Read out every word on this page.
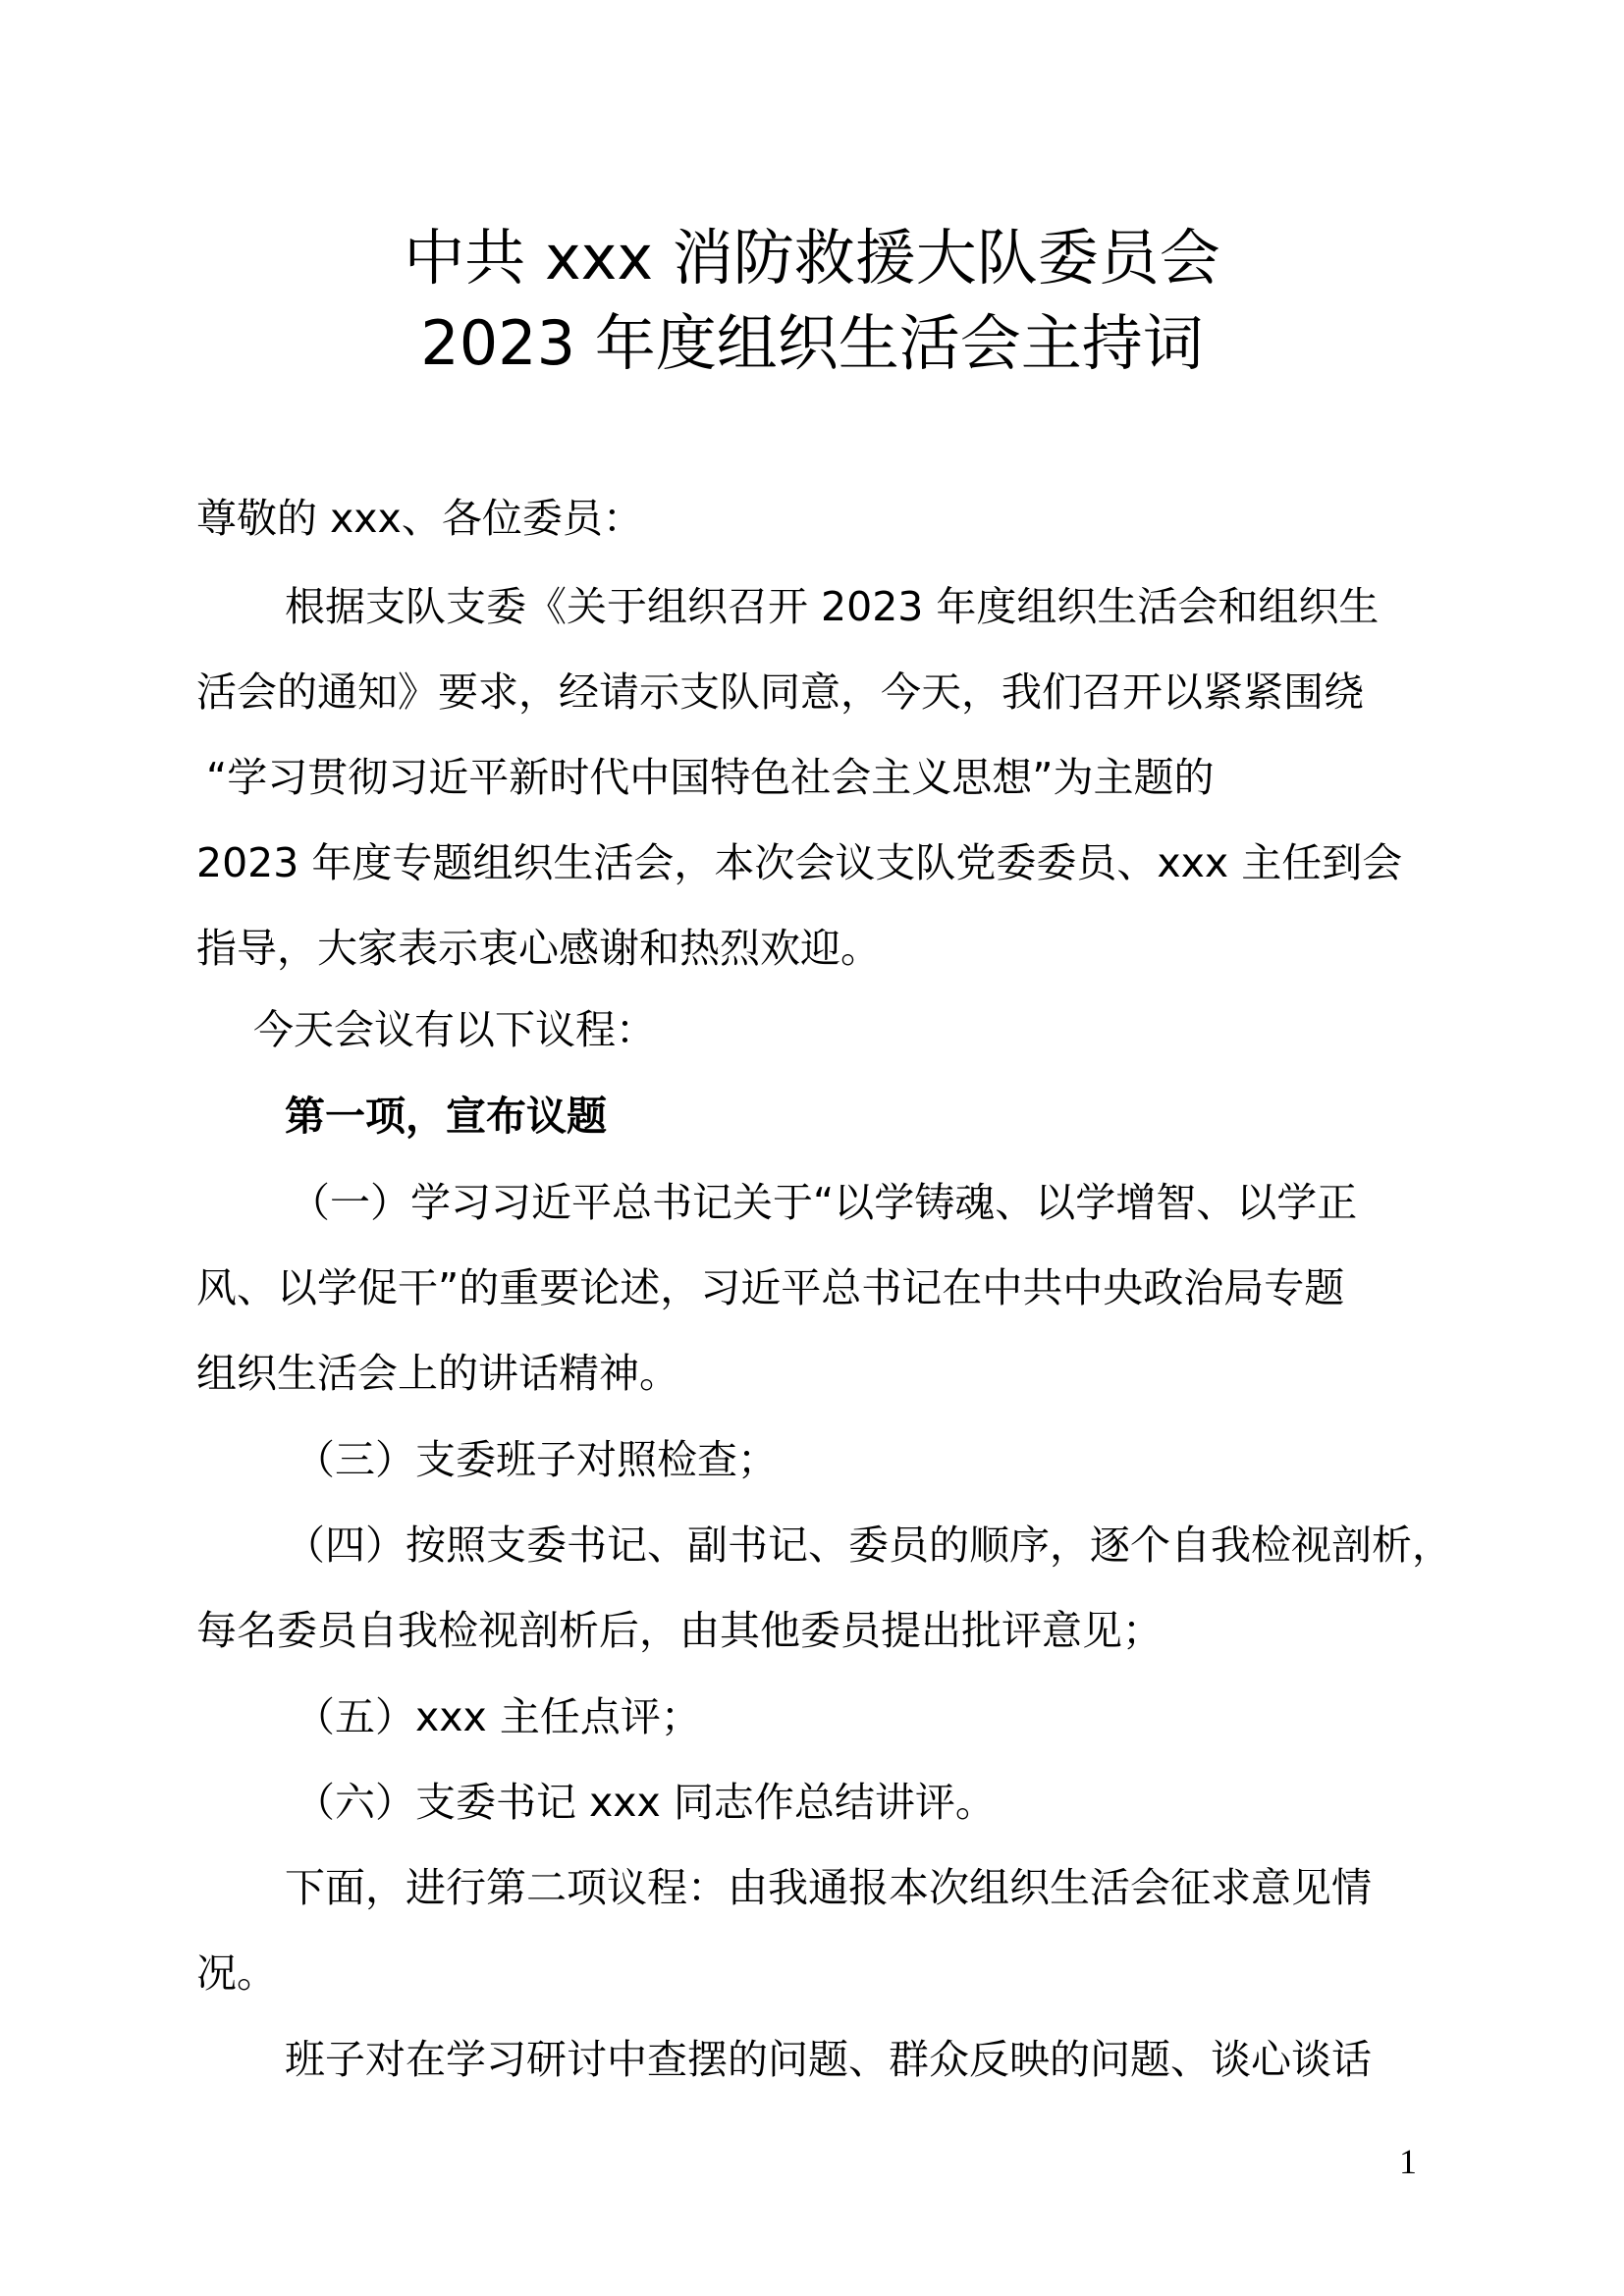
中共 xxx 消防救援大队委员会
2023 年度组织生活会主持词
尊敬的 xxx、各位委员：
根据支队支委《关于组织召开 2023 年度组织生活会和组织生
活会的通知》要求，经请示支队同意，今天，我们召开以紧紧围绕
“学习贯彻习近平新时代中国特色社会主义思想”为主题的
2023 年度专题组织生活会，本次会议支队党委委员、xxx 主任到会
指导，大家表示衷心感谢和热烈欢迎。
今天会议有以下议程：
第一项，宣布议题
（一）学习习近平总书记关于“以学铸魂、以学增智、以学正
风、以学促干”的重要论述，习近平总书记在中共中央政治局专题
组织生活会上的讲话精神。
（三）支委班子对照检查；
（四）按照支委书记、副书记、委员的顺序，逐个自我检视剖析，
每名委员自我检视剖析后，由其他委员提出批评意见；
（五）xxx 主任点评；
（六）支委书记 xxx 同志作总结讲评。
下面，进行第二项议程：由我通报本次组织生活会征求意见情
况。
班子对在学习研讨中查摆的问题、群众反映的问题、谈心谈话
1
